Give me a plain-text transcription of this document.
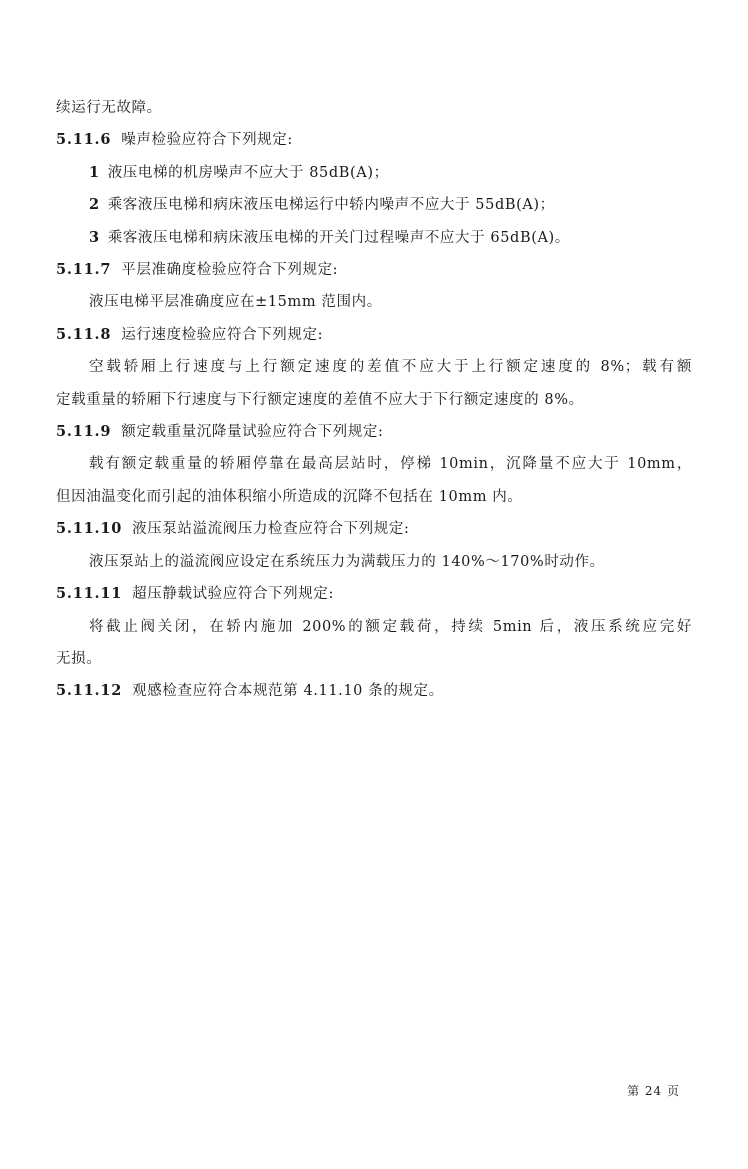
续运行无故障。
5.11.6 噪声检验应符合下列规定:
1 液压电梯的机房噪声不应大于 85dB(A)；
2 乘客液压电梯和病床液压电梯运行中轿内噪声不应大于 55dB(A)；
3 乘客液压电梯和病床液压电梯的开关门过程噪声不应大于 65dB(A)。
5.11.7 平层准确度检验应符合下列规定:
液压电梯平层准确度应在±15mm 范围内。
5.11.8 运行速度检验应符合下列规定:
空载轿厢上行速度与上行额定速度的差值不应大于上行额定速度的 8%；载有额
定载重量的轿厢下行速度与下行额定速度的差值不应大于下行额定速度的 8%。
5.11.9 额定载重量沉降量试验应符合下列规定:
载有额定载重量的轿厢停靠在最高层站时，停梯 10min，沉降量不应大于 10mm，
但因油温变化而引起的油体积缩小所造成的沉降不包括在 10mm 内。
5.11.10 液压泵站溢流阀压力检查应符合下列规定:
液压泵站上的溢流阀应设定在系统压力为满载压力的 140%～170%时动作。
5.11.11 超压静载试验应符合下列规定:
将截止阀关闭，在轿内施加 200%的额定载荷，持续 5min 后，液压系统应完好
无损。
5.11.12 观感检查应符合本规范第 4.11.10 条的规定。
第 24 页
